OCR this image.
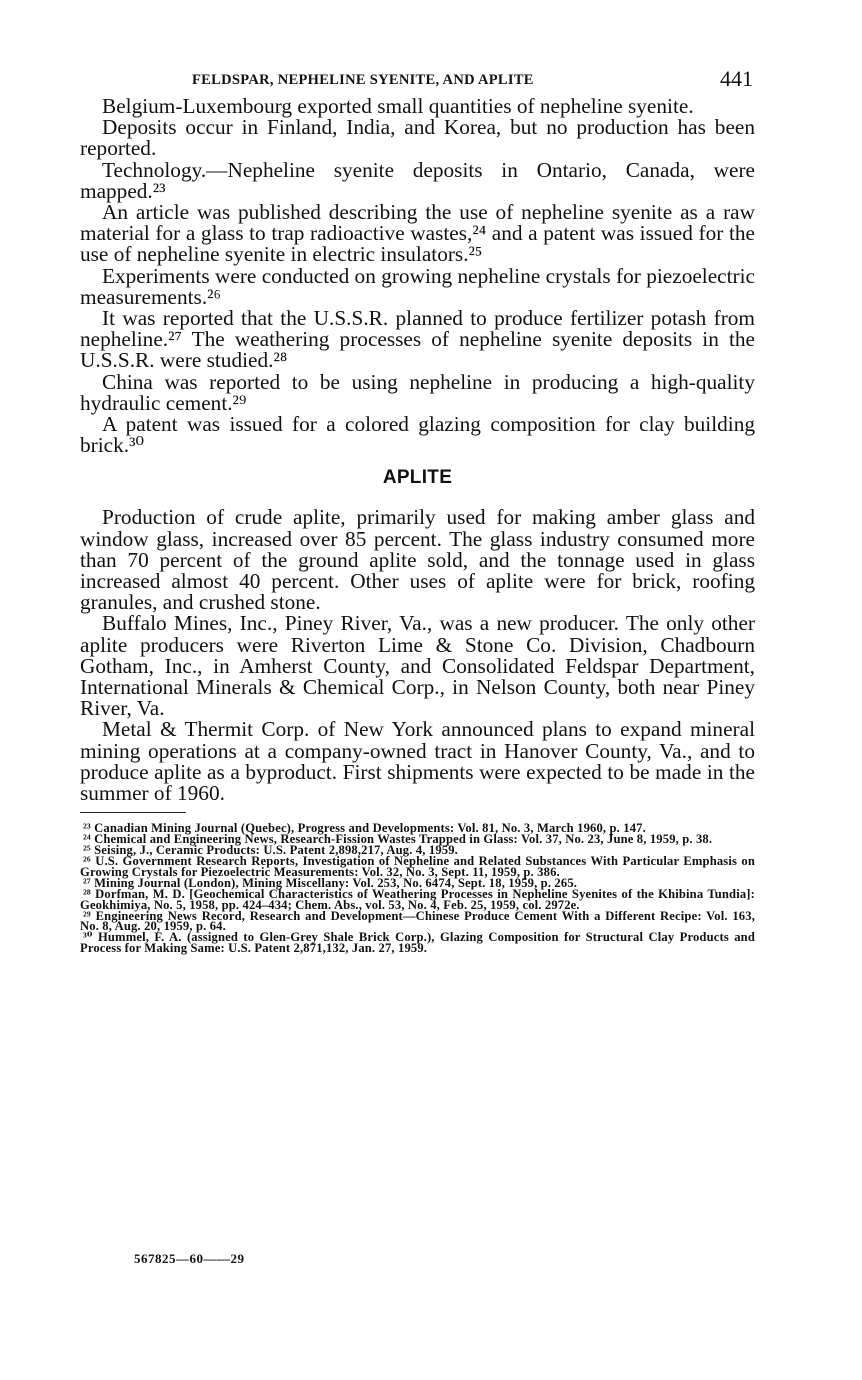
FELDSPAR, NEPHELINE SYENITE, AND APLITE	441

Belgium-Luxembourg exported small quantities of nepheline syenite.

Deposits occur in Finland, India, and Korea, but no production has been reported.

Technology.—Nepheline syenite deposits in Ontario, Canada, were mapped.²³

An article was published describing the use of nepheline syenite as a raw material for a glass to trap radioactive wastes,²⁴ and a patent was issued for the use of nepheline syenite in electric insulators.²⁵

Experiments were conducted on growing nepheline crystals for piezoelectric measurements.²⁶

It was reported that the U.S.S.R. planned to produce fertilizer potash from nepheline.²⁷ The weathering processes of nepheline syenite deposits in the U.S.S.R. were studied.²⁸

China was reported to be using nepheline in producing a high-quality hydraulic cement.²⁹

A patent was issued for a colored glazing composition for clay building brick.³⁰

APLITE

Production of crude aplite, primarily used for making amber glass and window glass, increased over 85 percent. The glass industry consumed more than 70 percent of the ground aplite sold, and the tonnage used in glass increased almost 40 percent. Other uses of aplite were for brick, roofing granules, and crushed stone.

Buffalo Mines, Inc., Piney River, Va., was a new producer. The only other aplite producers were Riverton Lime & Stone Co. Division, Chadbourn Gotham, Inc., in Amherst County, and Consolidated Feldspar Department, International Minerals & Chemical Corp., in Nelson County, both near Piney River, Va.

Metal & Thermit Corp. of New York announced plans to expand mineral mining operations at a company-owned tract in Hanover County, Va., and to produce aplite as a byproduct. First shipments were expected to be made in the summer of 1960.

²³ Canadian Mining Journal (Quebec), Progress and Developments: Vol. 81, No. 3, March 1960, p. 147.

²⁴ Chemical and Engineering News, Research-Fission Wastes Trapped in Glass: Vol. 37, No. 23, June 8, 1959, p. 38.

²⁵ Seising, J., Ceramic Products: U.S. Patent 2,898,217, Aug. 4, 1959.

²⁶ U.S. Government Research Reports, Investigation of Nepheline and Related Substances With Particular Emphasis on Growing Crystals for Piezoelectric Measurements: Vol. 32, No. 3, Sept. 11, 1959, p. 386.

²⁷ Mining Journal (London), Mining Miscellany: Vol. 253, No. 6474, Sept. 18, 1959, p. 265.

²⁸ Dorfman, M. D. [Geochemical Characteristics of Weathering Processes in Nepheline Syenites of the Khibina Tundia]: Geokhimiya, No. 5, 1958, pp. 424–434; Chem. Abs., vol. 53, No. 4, Feb. 25, 1959, col. 2972e.

²⁹ Engineering News Record, Research and Development—Chinese Produce Cement With a Different Recipe: Vol. 163, No. 8, Aug. 20, 1959, p. 64.

³⁰ Hummel, F. A. (assigned to Glen-Grey Shale Brick Corp.), Glazing Composition for Structural Clay Products and Process for Making Same: U.S. Patent 2,871,132, Jan. 27, 1959.

567825—60——29
